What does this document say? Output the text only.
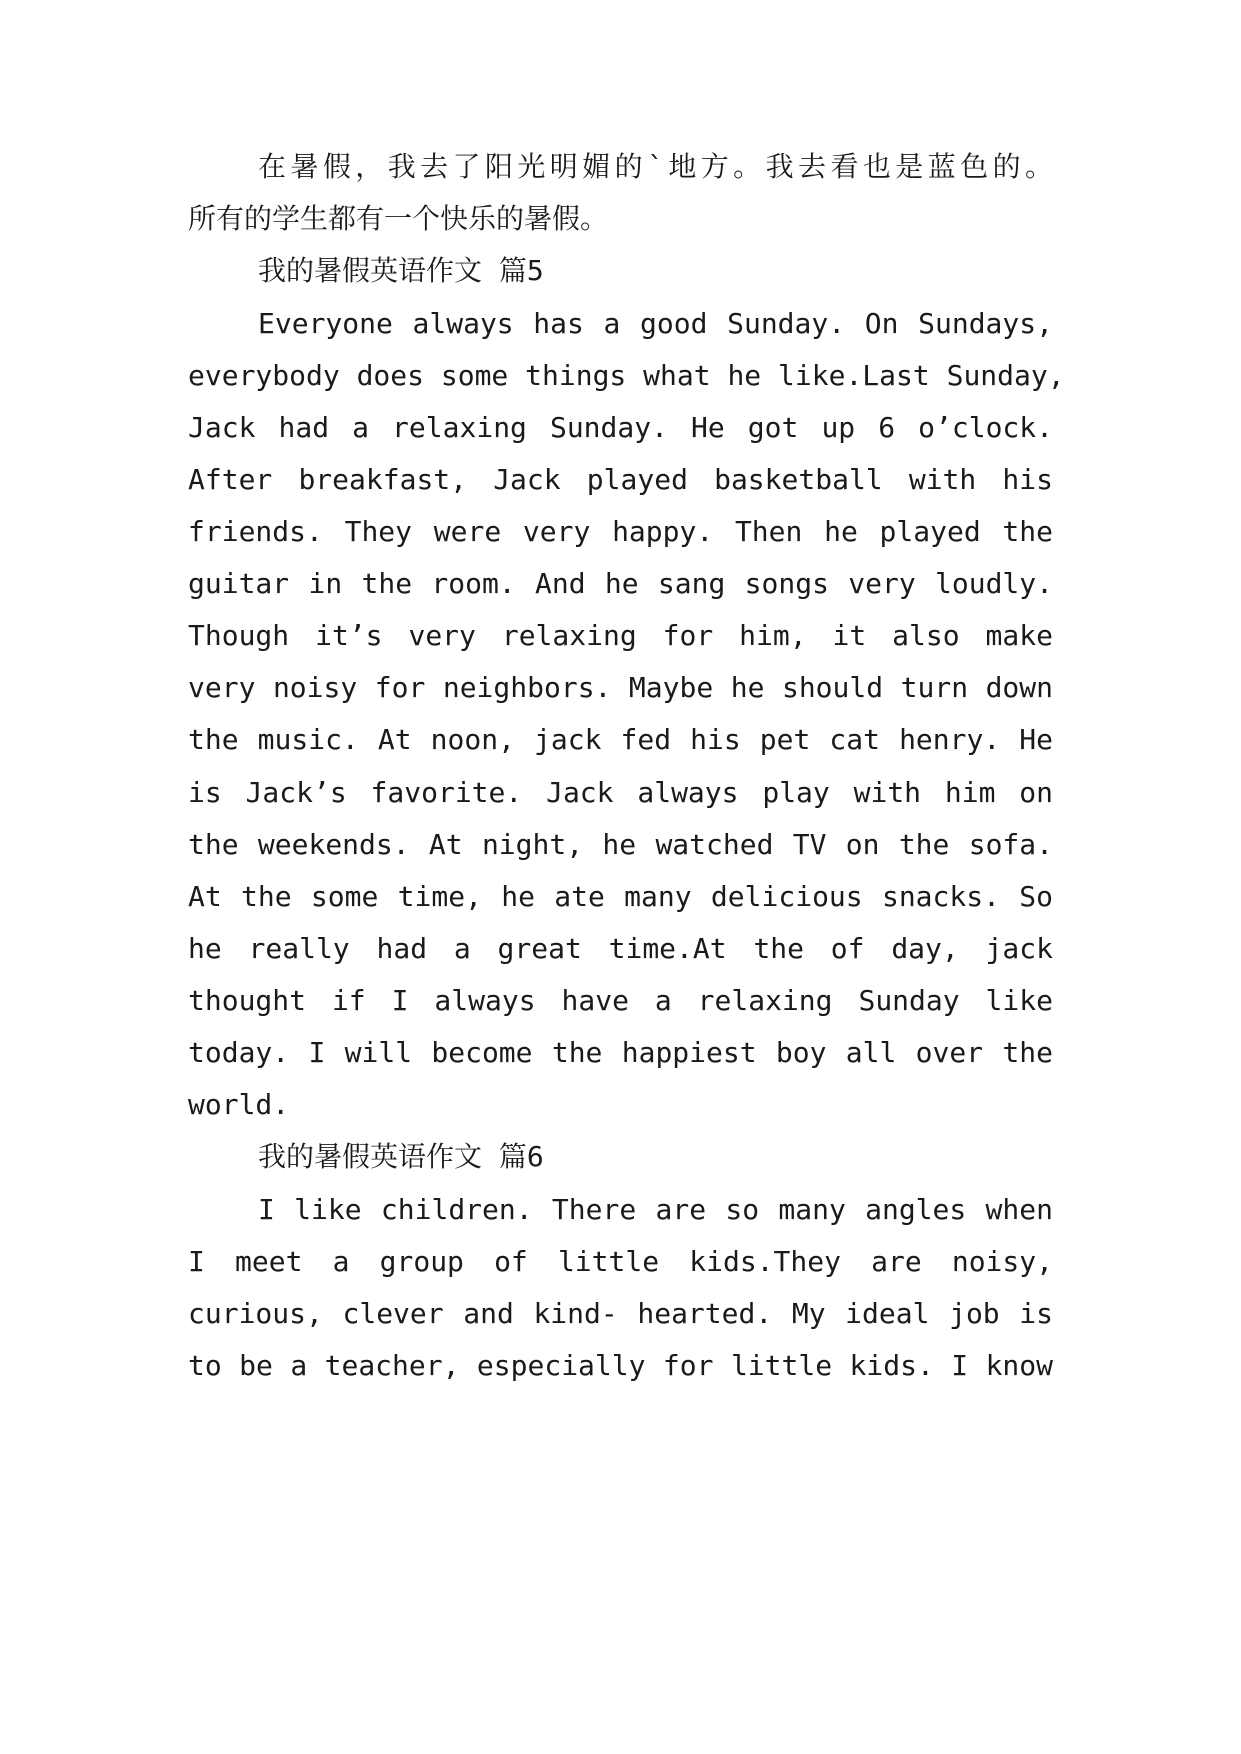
在暑假，我去了阳光明媚的`地方。我去看也是蓝色的。
所有的学生都有一个快乐的暑假。
我的暑假英语作文 篇5
Everyone always has a good Sunday. On Sundays,
everybody does some things what he like.Last Sunday,
Jack had a relaxing Sunday. He got up 6 o’clock.
After breakfast, Jack played basketball with his
friends. They were very happy. Then he played the
guitar in the room. And he sang songs very loudly.
Though it’s very relaxing for him, it also make
very noisy for neighbors. Maybe he should turn down
the music. At noon, jack fed his pet cat henry. He
is Jack’s favorite. Jack always play with him on
the weekends. At night, he watched TV on the sofa.
At the some time, he ate many delicious snacks. So
he really had a great time.At the of day, jack
thought if I always have a relaxing Sunday like
today. I will become the happiest boy all over the
world.
我的暑假英语作文 篇6
I like children. There are so many angles when
I meet a group of little kids.They are noisy,
curious, clever and kind- hearted. My ideal job is
to be a teacher, especially for little kids. I know
